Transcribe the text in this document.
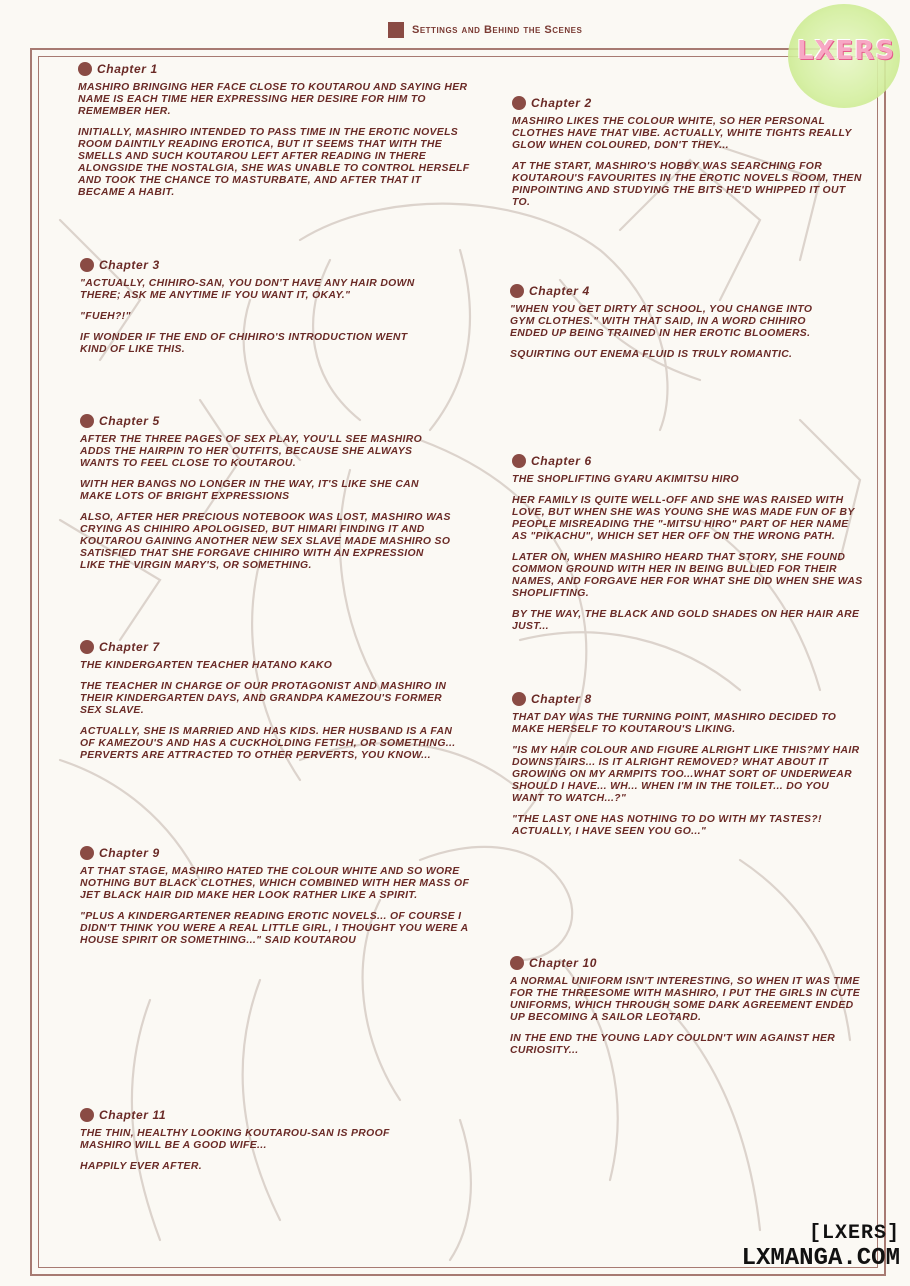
Settings and Behind the Scenes
LXERS
Chapter 1

MASHIRO BRINGING HER FACE CLOSE TO KOUTAROU AND SAYING HER NAME IS EACH TIME HER EXPRESSING HER DESIRE FOR HIM TO REMEMBER HER.

INITIALLY, MASHIRO INTENDED TO PASS TIME IN THE EROTIC NOVELS ROOM DAINTILY READING EROTICA, BUT IT SEEMS THAT WITH THE SMELLS AND SUCH KOUTAROU LEFT AFTER READING IN THERE ALONGSIDE THE NOSTALGIA, SHE WAS UNABLE TO CONTROL HERSELF AND TOOK THE CHANCE TO MASTURBATE, AND AFTER THAT IT BECAME A HABIT.

Chapter 2

MASHIRO LIKES THE COLOUR WHITE, SO HER PERSONAL CLOTHES HAVE THAT VIBE. ACTUALLY, WHITE TIGHTS REALLY GLOW WHEN COLOURED, DON'T THEY...

AT THE START, MASHIRO'S HOBBY WAS SEARCHING FOR KOUTAROU'S FAVOURITES IN THE EROTIC NOVELS ROOM, THEN PINPOINTING AND STUDYING THE BITS HE'D WHIPPED IT OUT TO.

Chapter 3

"ACTUALLY, CHIHIRO-SAN, YOU DON'T HAVE ANY HAIR DOWN THERE; ASK ME ANYTIME IF YOU WANT IT, OKAY."

"FUEH?!"

IF WONDER IF THE END OF CHIHIRO'S INTRODUCTION WENT KIND OF LIKE THIS.

Chapter 4

"WHEN YOU GET DIRTY AT SCHOOL, YOU CHANGE INTO GYM CLOTHES." WITH THAT SAID, IN A WORD CHIHIRO ENDED UP BEING TRAINED IN HER EROTIC BLOOMERS.

SQUIRTING OUT ENEMA FLUID IS TRULY ROMANTIC.

Chapter 5

AFTER THE THREE PAGES OF SEX PLAY, YOU'LL SEE MASHIRO ADDS THE HAIRPIN TO HER OUTFITS, BECAUSE SHE ALWAYS WANTS TO FEEL CLOSE TO KOUTAROU.

WITH HER BANGS NO LONGER IN THE WAY, IT'S LIKE SHE CAN MAKE LOTS OF BRIGHT EXPRESSIONS

ALSO, AFTER HER PRECIOUS NOTEBOOK WAS LOST, MASHIRO WAS CRYING AS CHIHIRO APOLOGISED, BUT HIMARI FINDING IT AND KOUTAROU GAINING ANOTHER NEW SEX SLAVE MADE MASHIRO SO SATISFIED THAT SHE FORGAVE CHIHIRO WITH AN EXPRESSION LIKE THE VIRGIN MARY'S, OR SOMETHING.

Chapter 6

THE SHOPLIFTING GYARU AKIMITSU HIRO

HER FAMILY IS QUITE WELL-OFF AND SHE WAS RAISED WITH LOVE, BUT WHEN SHE WAS YOUNG SHE WAS MADE FUN OF BY PEOPLE MISREADING THE "-MITSU HIRO" PART OF HER NAME AS "PIKACHU", WHICH SET HER OFF ON THE WRONG PATH.

LATER ON, WHEN MASHIRO HEARD THAT STORY, SHE FOUND COMMON GROUND WITH HER IN BEING BULLIED FOR THEIR NAMES, AND FORGAVE HER FOR WHAT SHE DID WHEN SHE WAS SHOPLIFTING.

BY THE WAY, THE BLACK AND GOLD SHADES ON HER HAIR ARE JUST...

Chapter 7

THE KINDERGARTEN TEACHER HATANO KAKO

THE TEACHER IN CHARGE OF OUR PROTAGONIST AND MASHIRO IN THEIR KINDERGARTEN DAYS, AND GRANDPA KAMEZOU'S FORMER SEX SLAVE.

ACTUALLY, SHE IS MARRIED AND HAS KIDS. HER HUSBAND IS A FAN OF KAMEZOU'S AND HAS A CUCKHOLDING FETISH, OR SOMETHING... PERVERTS ARE ATTRACTED TO OTHER PERVERTS, YOU KNOW...

Chapter 8

THAT DAY WAS THE TURNING POINT, MASHIRO DECIDED TO MAKE HERSELF TO KOUTAROU'S LIKING.

"IS MY HAIR COLOUR AND FIGURE ALRIGHT LIKE THIS?MY HAIR DOWNSTAIRS... IS IT ALRIGHT REMOVED? WHAT ABOUT IT GROWING ON MY ARMPITS TOO...WHAT SORT OF UNDERWEAR SHOULD I HAVE... WH... WHEN I'M IN THE TOILET... DO YOU WANT TO WATCH...?"

"THE LAST ONE HAS NOTHING TO DO WITH MY TASTES?! ACTUALLY, I HAVE SEEN YOU GO..."

Chapter 9

AT THAT STAGE, MASHIRO HATED THE COLOUR WHITE AND SO WORE NOTHING BUT BLACK CLOTHES, WHICH COMBINED WITH HER MASS OF JET BLACK HAIR DID MAKE HER LOOK RATHER LIKE A SPIRIT.

"PLUS A KINDERGARTENER READING EROTIC NOVELS... OF COURSE I DIDN'T THINK YOU WERE A REAL LITTLE GIRL, I THOUGHT YOU WERE A HOUSE SPIRIT OR SOMETHING..." SAID KOUTAROU

Chapter 10

A NORMAL UNIFORM ISN'T INTERESTING, SO WHEN IT WAS TIME FOR THE THREESOME WITH MASHIRO, I PUT THE GIRLS IN CUTE UNIFORMS, WHICH THROUGH SOME DARK AGREEMENT ENDED UP BECOMING A SAILOR LEOTARD.

IN THE END THE YOUNG LADY COULDN'T WIN AGAINST HER CURIOSITY...

Chapter 11

THE THIN, HEALTHY LOOKING KOUTAROU-SAN IS PROOF MASHIRO WILL BE A GOOD WIFE...

HAPPILY EVER AFTER.

[LXERS]
LXMANGA.COM
